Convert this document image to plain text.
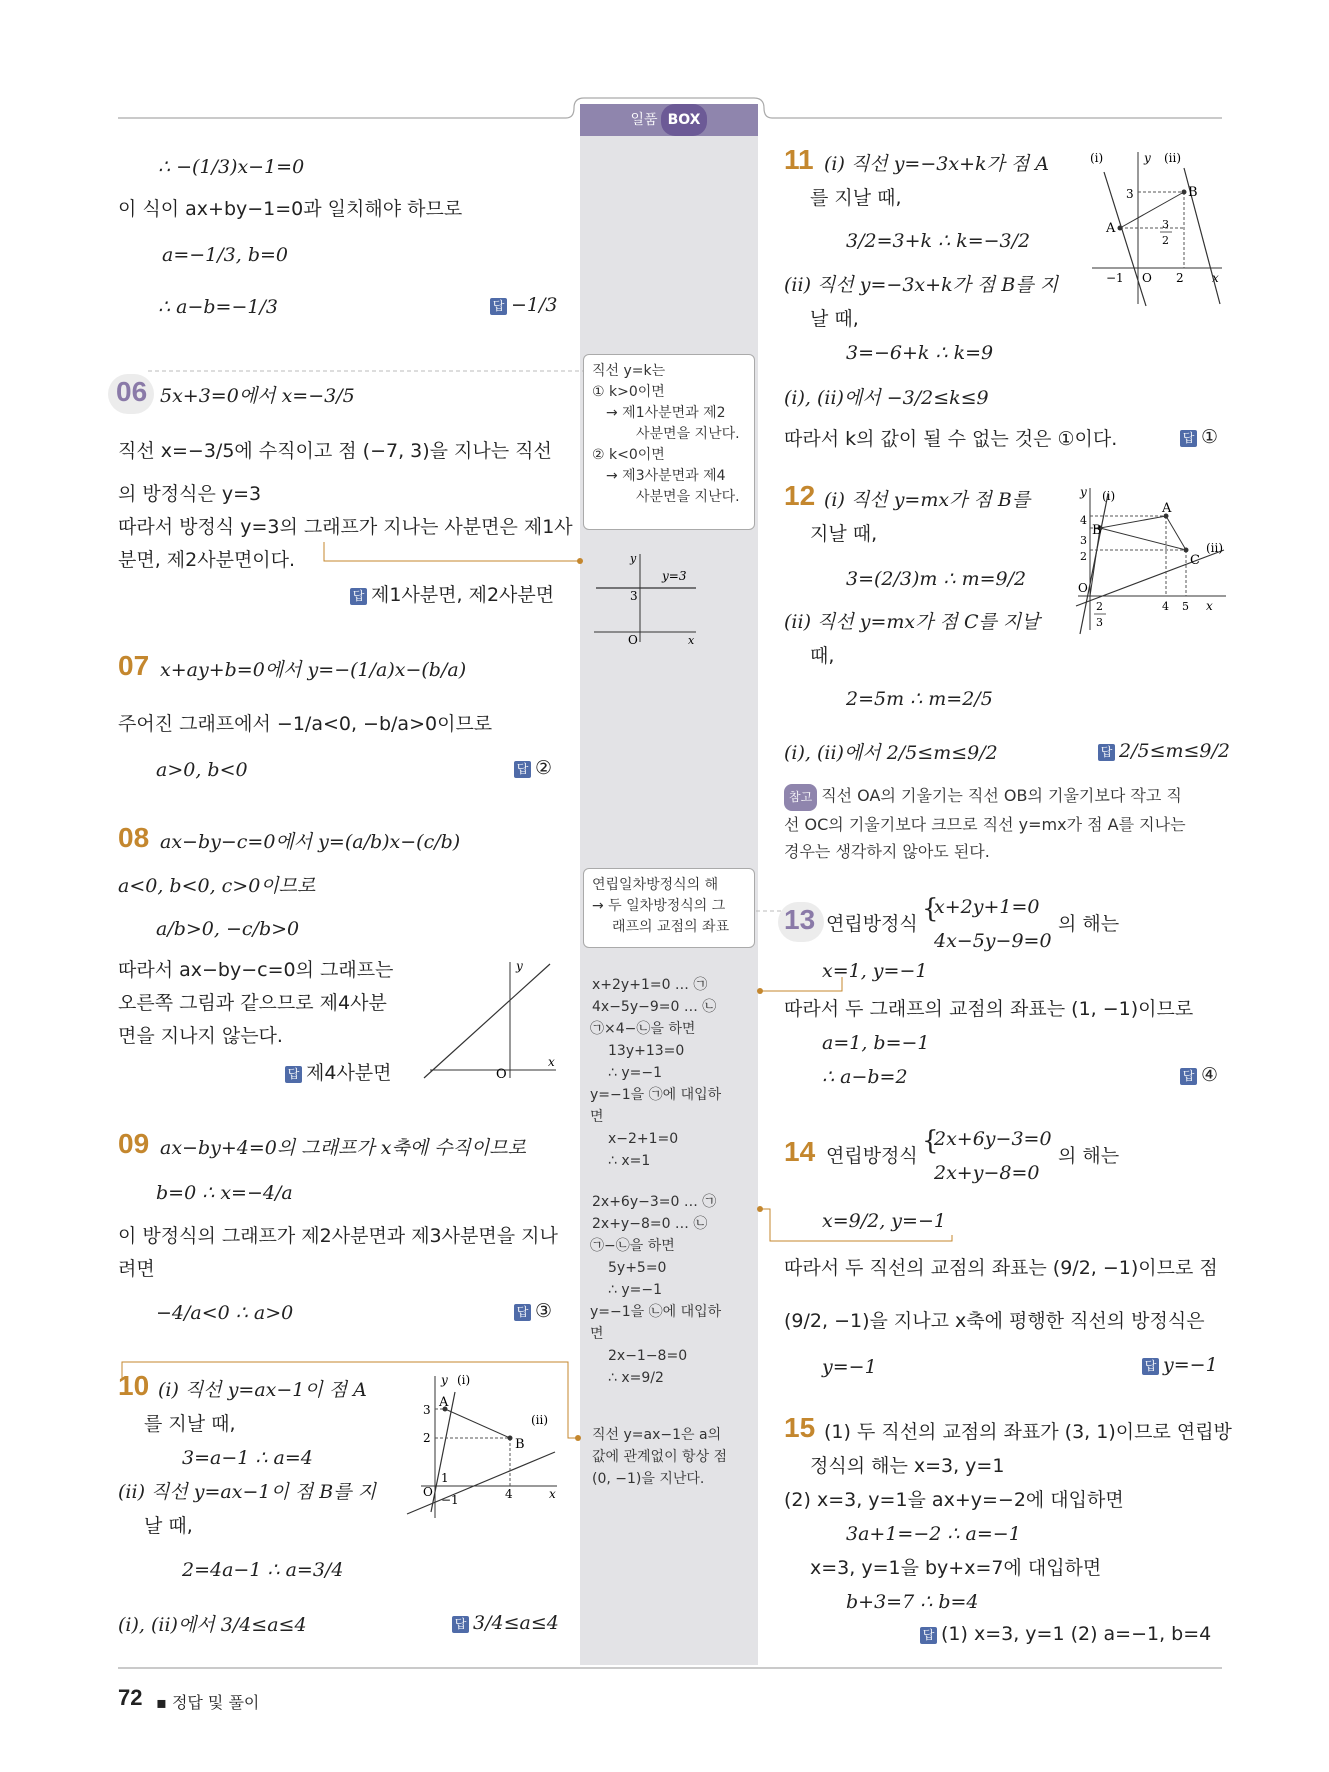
일품 BOX
∴ −(1/3)x−1=0
이 식이 ax+by−1=0과 일치해야 하므로
a=−1/3, b=0
∴ a−b=−1/3	답 −1/3
06 5x+3=0에서 x=−3/5
직선 x=−3/5에 수직이고 점 (−7, 3)을 지나는 직선
의 방정식은 y=3
따라서 방정식 y=3의 그래프가 지나는 사분면은 제1사
분면, 제2사분면이다.
답 제1사분면, 제2사분면
07 x+ay+b=0에서 y=−(1/a)x−(b/a)
주어진 그래프에서 −1/a<0, −b/a>0이므로
a>0, b<0	답 ②
08 ax−by−c=0에서 y=(a/b)x−(c/b)
a<0, b<0, c>0이므로
a/b>0, −c/b>0
따라서 ax−by−c=0의 그래프는
오른쪽 그림과 같으므로 제4사분
면을 지나지 않는다.
답 제4사분면
y
x
O
09 ax−by+4=0의 그래프가 x축에 수직이므로
b=0 ∴ x=−4/a
이 방정식의 그래프가 제2사분면과 제3사분면을 지나
려면
−4/a<0 ∴ a>0	답 ③
10 (i) 직선 y=ax−1이 점 A
를 지날 때,
3=a−1 ∴ a=4
(ii) 직선 y=ax−1이 점 B를 지
날 때,
2=4a−1 ∴ a=3/4
(i), (ii)에서 3/4≤a≤4	답 3/4≤a≤4
y (i)
(ii)
A
B
3
2
1
O	4	x
−1
직선 y=k는
① k>0이면
→ 제1사분면과 제2
사분면을 지난다.
② k<0이면
→ 제3사분면과 제4
사분면을 지난다.
y
y=3
3
O	x
연립일차방정식의 해
→ 두 일차방정식의 그
래프의 교점의 좌표
x+2y+1=0 … ㉠
4x−5y−9=0 … ㉡
㉠×4−㉡을 하면
13y+13=0
∴ y=−1
y=−1을 ㉠에 대입하
면
x−2+1=0
∴ x=1
2x+6y−3=0 … ㉠
2x+y−8=0 … ㉡
㉠−㉡을 하면
5y+5=0
∴ y=−1
y=−1을 ㉡에 대입하
면
2x−1−8=0
∴ x=9/2
직선 y=ax−1은 a의
값에 관계없이 항상 점
(0, −1)을 지난다.
11 (i) 직선 y=−3x+k가 점 A
를 지날 때,
3/2=3+k ∴ k=−3/2
(ii) 직선 y=−3x+k가 점 B를 지
날 때,
3=−6+k ∴ k=9
(i), (ii)에서 −3/2≤k≤9
따라서 k의 값이 될 수 없는 것은 ①이다.	답 ①
(i)	y (ii)
A
B
3
3
2
−1 O 2 x
12 (i) 직선 y=mx가 점 B를
지날 때,
3=(2/3)m ∴ m=9/2
(ii) 직선 y=mx가 점 C를 지날
때,
2=5m ∴ m=2/5
(i), (ii)에서 2/5≤m≤9/2	답 2/5≤m≤9/2
참고 직선 OA의 기울기는 직선 OB의 기울기보다 작고 직
선 OC의 기울기보다 크므로 직선 y=mx가 점 A를 지나는
경우는 생각하지 않아도 된다.
y (i)
A
B
C
(ii)
4
3
2
O
2
3
4 5 x
13 연립방정식 {
x+2y+1=0
4x−5y−9=0
의 해는
x=1, y=−1
따라서 두 그래프의 교점의 좌표는 (1, −1)이므로
a=1, b=−1
∴ a−b=2	답 ④
14 연립방정식 {
2x+6y−3=0
2x+y−8=0
의 해는
x=9/2, y=−1
따라서 두 직선의 교점의 좌표는 (9/2, −1)이므로 점
(9/2, −1)을 지나고 x축에 평행한 직선의 방정식은
y=−1	답 y=−1
15 (1) 두 직선의 교점의 좌표가 (3, 1)이므로 연립방
정식의 해는 x=3, y=1
(2) x=3, y=1을 ax+y=−2에 대입하면
3a+1=−2 ∴ a=−1
x=3, y=1을 by+x=7에 대입하면
b+3=7 ∴ b=4
답 (1) x=3, y=1 (2) a=−1, b=4
72 ▪ 정답 및 풀이
